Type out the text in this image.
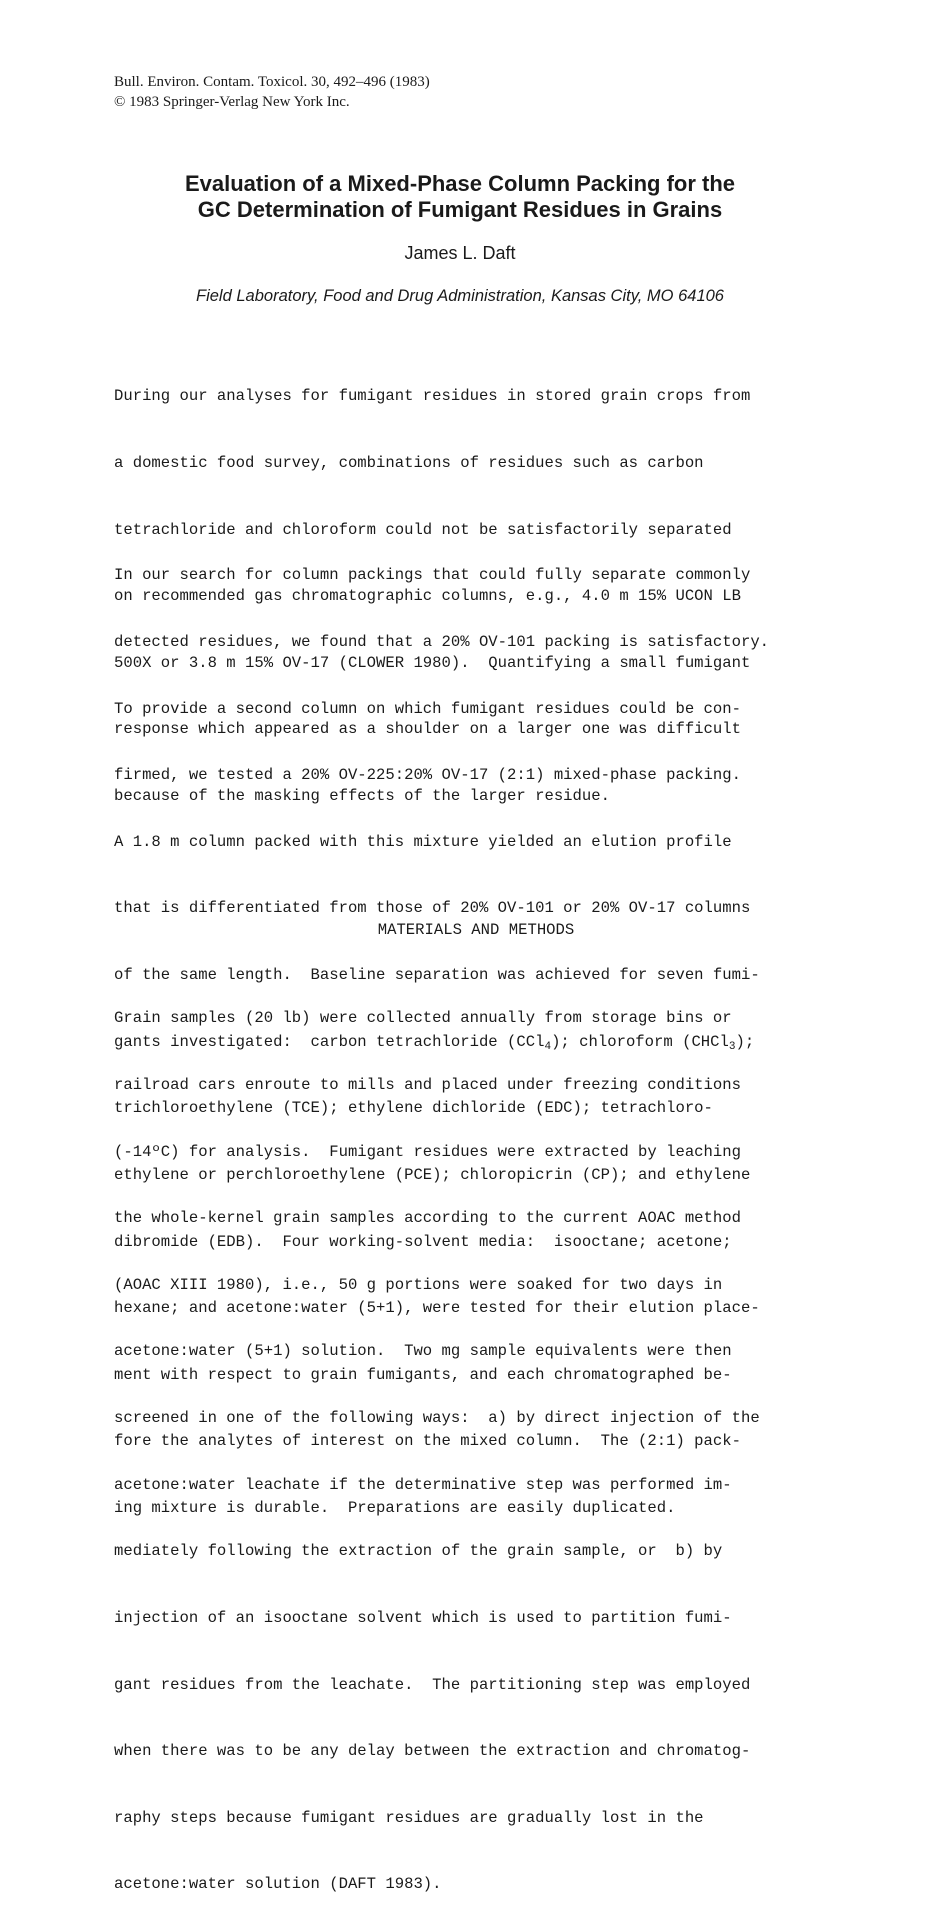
Bull. Environ. Contam. Toxicol. 30, 492–496 (1983)
© 1983 Springer-Verlag New York Inc.
Evaluation of a Mixed-Phase Column Packing for the
GC Determination of Fumigant Residues in Grains
James L. Daft
Field Laboratory, Food and Drug Administration, Kansas City, MO 64106

During our analyses for fumigant residues in stored grain crops from

a domestic food survey, combinations of residues such as carbon

tetrachloride and chloroform could not be satisfactorily separated

on recommended gas chromatographic columns, e.g., 4.0 m 15% UCON LB

500X or 3.8 m 15% OV-17 (CLOWER 1980).  Quantifying a small fumigant

response which appeared as a shoulder on a larger one was difficult

because of the masking effects of the larger residue.

In our search for column packings that could fully separate commonly

detected residues, we found that a 20% OV-101 packing is satisfactory.

To provide a second column on which fumigant residues could be con-

firmed, we tested a 20% OV-225:20% OV-17 (2:1) mixed-phase packing.

A 1.8 m column packed with this mixture yielded an elution profile

that is differentiated from those of 20% OV-101 or 20% OV-17 columns

of the same length.  Baseline separation was achieved for seven fumi-

gants investigated:  carbon tetrachloride (CCl$_4$); chloroform (CHCl$_3$);

trichloroethylene (TCE); ethylene dichloride (EDC); tetrachloro-

ethylene or perchloroethylene (PCE); chloropicrin (CP); and ethylene

dibromide (EDB).  Four working-solvent media:  isooctane; acetone;

hexane; and acetone:water (5+1), were tested for their elution place-

ment with respect to grain fumigants, and each chromatographed be-

fore the analytes of interest on the mixed column.  The (2:1) pack-

ing mixture is durable.  Preparations are easily duplicated.

MATERIALS AND METHODS

Grain samples (20 lb) were collected annually from storage bins or

railroad cars enroute to mills and placed under freezing conditions

(-14ºC) for analysis.  Fumigant residues were extracted by leaching

the whole-kernel grain samples according to the current AOAC method

(AOAC XIII 1980), i.e., 50 g portions were soaked for two days in

acetone:water (5+1) solution.  Two mg sample equivalents were then

screened in one of the following ways:  a) by direct injection of the

acetone:water leachate if the determinative step was performed im-

mediately following the extraction of the grain sample, or  b) by

injection of an isooctane solvent which is used to partition fumi-

gant residues from the leachate.  The partitioning step was employed

when there was to be any delay between the extraction and chromatog-

raphy steps because fumigant residues are gradually lost in the

acetone:water solution (DAFT 1983).
